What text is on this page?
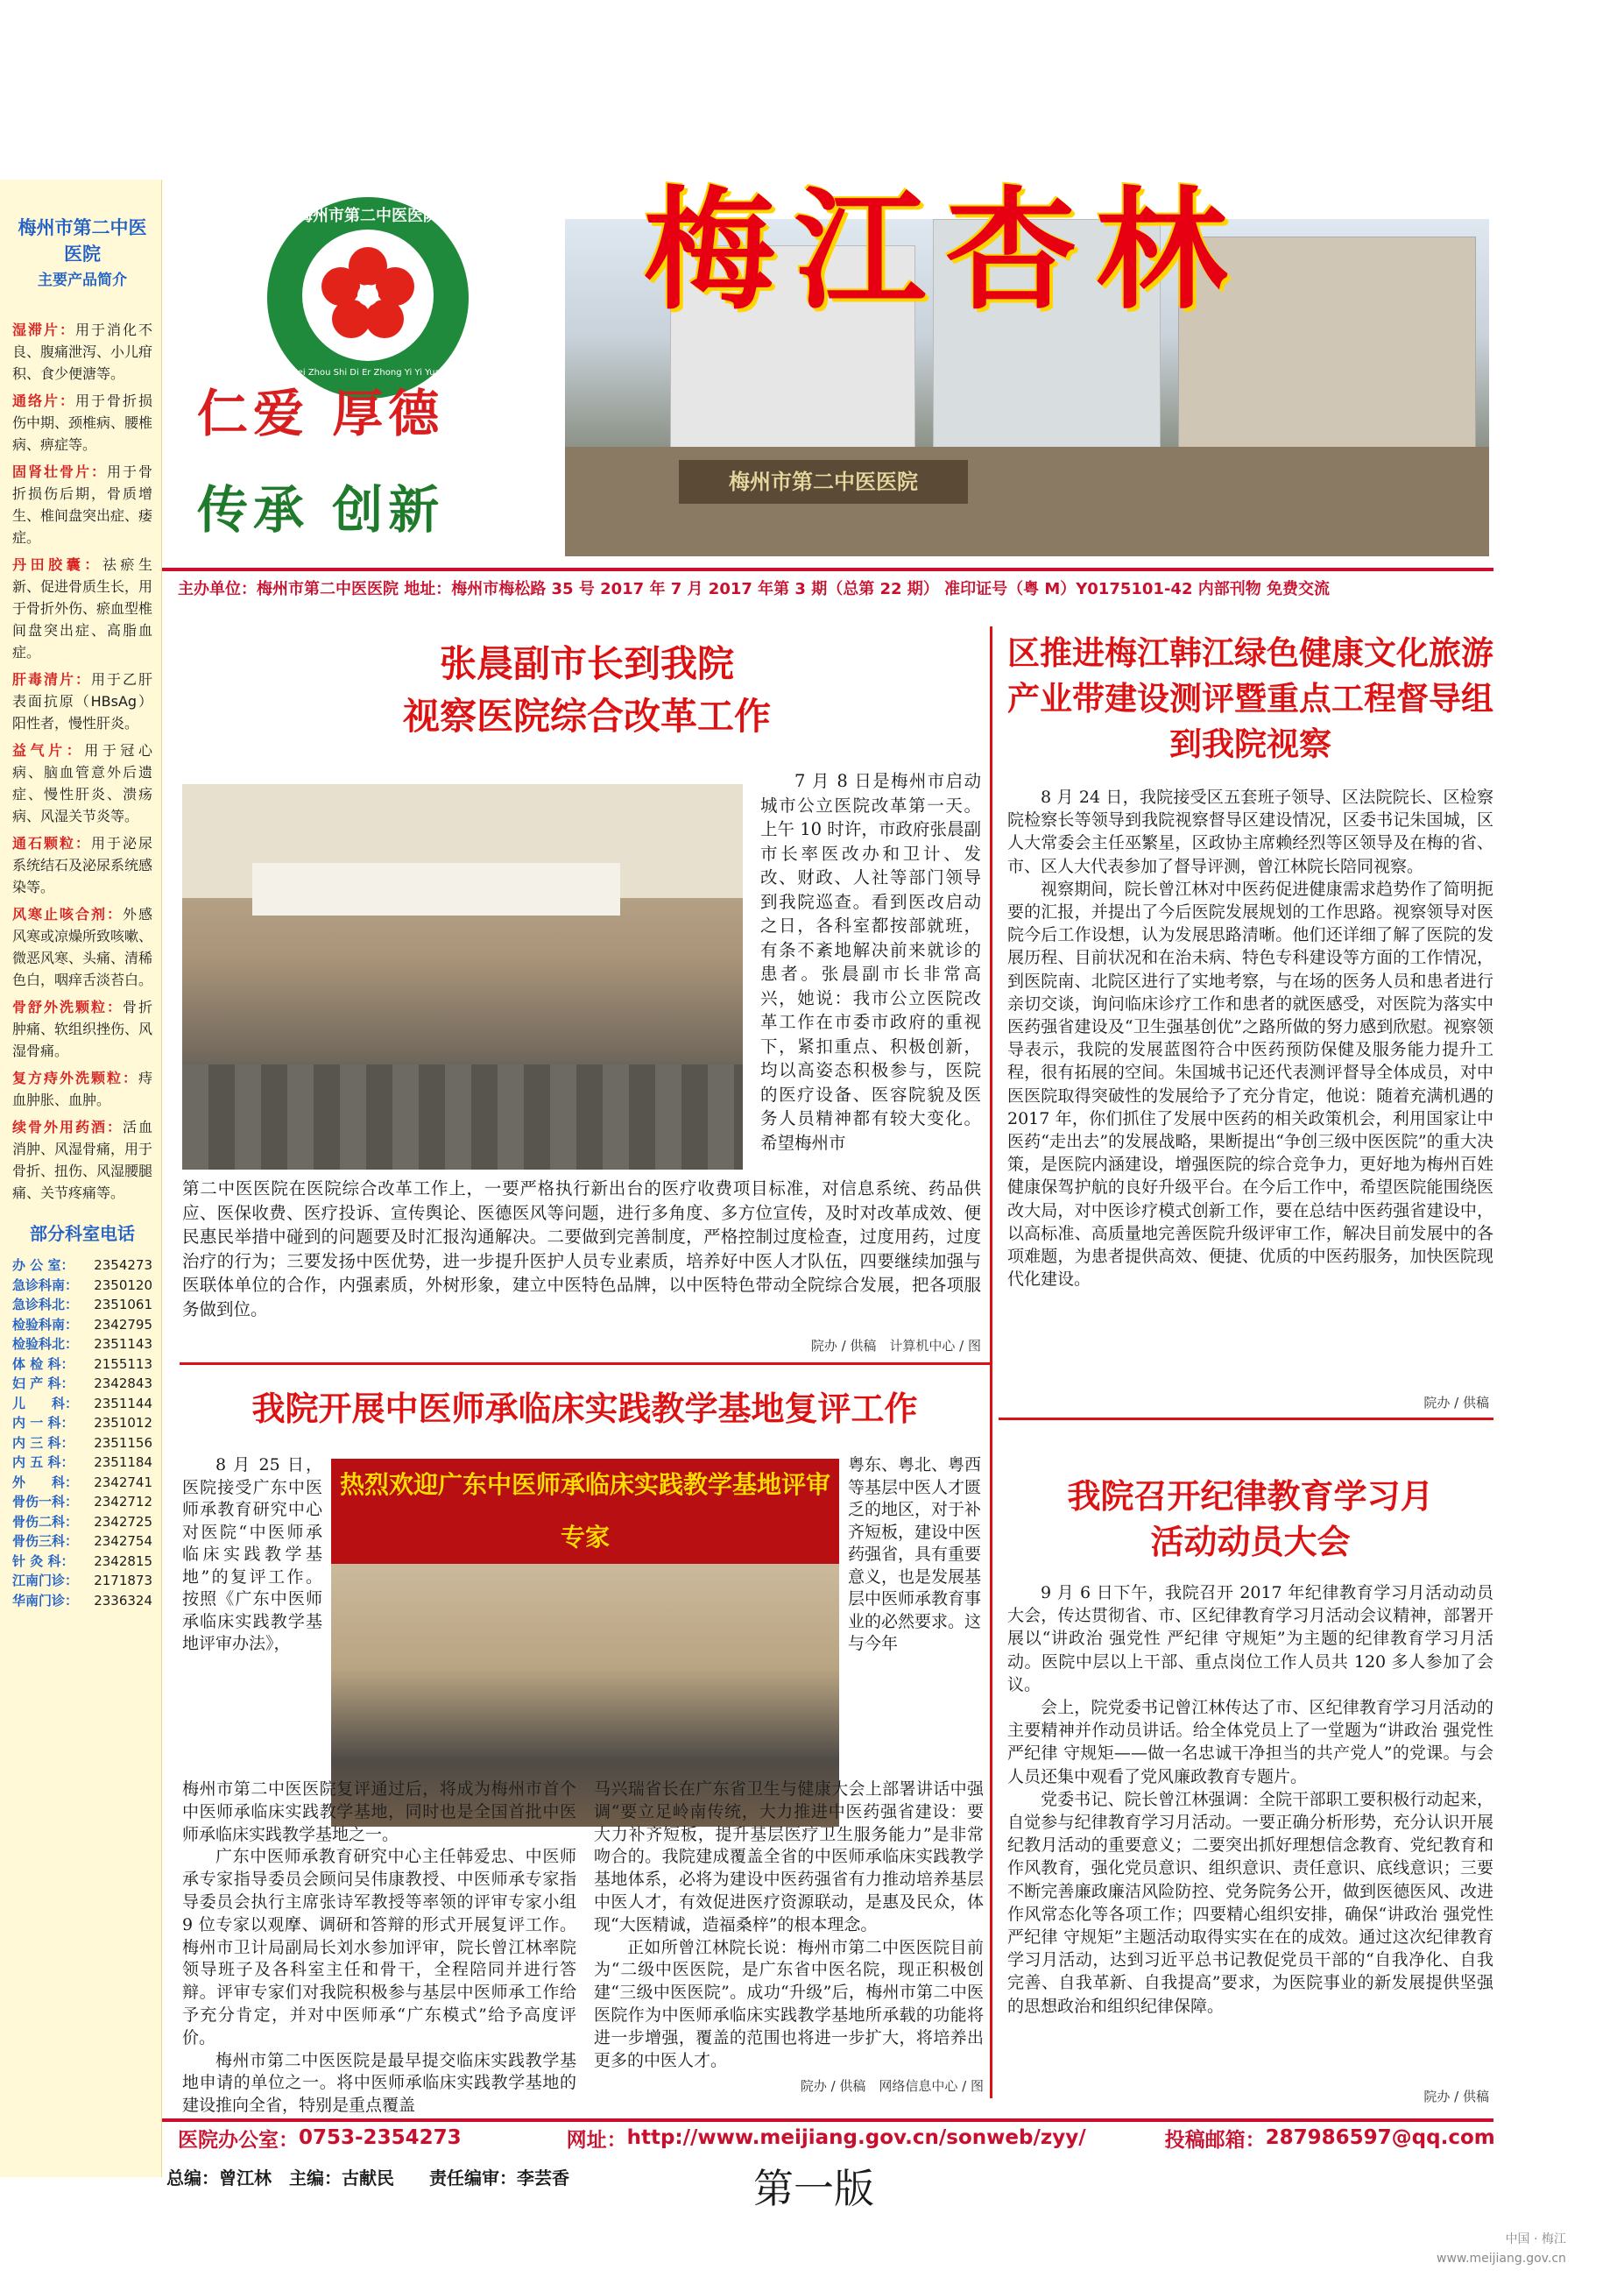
梅州市第二中医医院
主要产品简介
湿滞片：用于消化不良、腹痛泄泻、小儿疳积、食少便溏等。
通络片：用于骨折损伤中期、颈椎病、腰椎病、痹症等。
固肾壮骨片：用于骨折损伤后期，骨质增生、椎间盘突出症、痿症。
丹田胶囊：祛瘀生新、促进骨质生长，用于骨折外伤、瘀血型椎间盘突出症、高脂血症。
肝毒清片：用于乙肝表面抗原（HBsAg）阳性者，慢性肝炎。
益气片：用于冠心病、脑血管意外后遗症、慢性肝炎、溃疡病、风湿关节炎等。
通石颗粒：用于泌尿系统结石及泌尿系统感染等。
风寒止咳合剂：外感风寒或凉燥所致咳嗽、微恶风寒、头痛、清稀色白，咽痒舌淡苔白。
骨舒外洗颗粒：骨折肿痛、软组织挫伤、风湿骨痛。
复方痔外洗颗粒：痔血肿胀、血肿。
续骨外用药酒：活血消肿、风湿骨痛，用于骨折、扭伤、风湿腰腿痛、关节疼痛等。
部分科室电话
办 公 室： 2354273
急诊科南： 2350120
急诊科北： 2351061
检验科南： 2342795
检验科北： 2351143
体 检 科： 2155113
妇 产 科： 2342843
儿　　科： 2351144
内 一 科： 2351012
内 三 科： 2351156
内 五 科： 2351184
外　　科： 2342741
骨伤一科： 2342712
骨伤二科： 2342725
骨伤三科： 2342754
针 灸 科： 2342815
江南门诊： 2171873
华南门诊： 2336324
梅州市第二中医医院
仁爱 厚德
传承 创新	梅州市第二中医医院
梅江杏林
主办单位：梅州市第二中医医院 地址：梅州市梅松路 35 号 2017 年 7 月 2017 年第 3 期（总第 22 期） 准印证号（粤 M）Y0175101-42 内部刊物 免费交流
张晨副市长到我院
视察医院综合改革工作

7 月 8 日是梅州市启动城市公立医院改革第一天。上午 10 时许，市政府张晨副市长率医改办和卫计、发改、财政、人社等部门领导到我院巡查。看到医改启动之日，各科室都按部就班，有条不紊地解决前来就诊的患者。张晨副市长非常高兴，她说：我市公立医院改革工作在市委市政府的重视下，紧扣重点、积极创新，均以高姿态积极参与，医院的医疗设备、医容院貌及医务人员精神都有较大变化。希望梅州市

第二中医医院在医院综合改革工作上，一要严格执行新出台的医疗收费项目标准，对信息系统、药品供应、医保收费、医疗投诉、宣传舆论、医德医风等问题，进行多角度、多方位宣传，及时对改革成效、便民惠民举措中碰到的问题要及时汇报沟通解决。二要做到完善制度，严格控制过度检查，过度用药，过度治疗的行为；三要发扬中医优势，进一步提升医护人员专业素质，培养好中医人才队伍，四要继续加强与医联体单位的合作，内强素质，外树形象，建立中医特色品牌，以中医特色带动全院综合发展，把各项服务做到位。

院办 / 供稿　计算机中心 / 图
区推进梅江韩江绿色健康文化旅游产业带建设测评暨重点工程督导组到我院视察

8 月 24 日，我院接受区五套班子领导、区法院院长、区检察院检察长等领导到我院视察督导区建设情况，区委书记朱国城，区人大常委会主任巫繁星，区政协主席赖经烈等区领导及在梅的省、市、区人大代表参加了督导评测，曾江林院长陪同视察。

视察期间，院长曾江林对中医药促进健康需求趋势作了简明扼要的汇报，并提出了今后医院发展规划的工作思路。视察领导对医院今后工作设想，认为发展思路清晰。他们还详细了解了医院的发展历程、目前状况和在治未病、特色专科建设等方面的工作情况，到医院南、北院区进行了实地考察，与在场的医务人员和患者进行亲切交谈，询问临床诊疗工作和患者的就医感受，对医院为落实中医药强省建设及“卫生强基创优”之路所做的努力感到欣慰。视察领导表示，我院的发展蓝图符合中医药预防保健及服务能力提升工程，很有拓展的空间。朱国城书记还代表测评督导全体成员，对中医医院取得突破性的发展给予了充分肯定，他说：随着充满机遇的 2017 年，你们抓住了发展中医药的相关政策机会，利用国家让中医药“走出去”的发展战略，果断提出“争创三级中医医院”的重大决策，是医院内涵建设，增强医院的综合竞争力，更好地为梅州百姓健康保驾护航的良好升级平台。在今后工作中，希望医院能围绕医改大局，对中医诊疗模式创新工作，要在总结中医药强省建设中，以高标准、高质量地完善医院升级评审工作，解决目前发展中的各项难题，为患者提供高效、便捷、优质的中医药服务，加快医院现代化建设。

院办 / 供稿
我院开展中医师承临床实践教学基地复评工作

8 月 25 日，医院接受广东中医师承教育研究中心对医院“中医师承临床实践教学基地”的复评工作。按照《广东中医师承临床实践教学基地评审办法》，

热烈欢迎广东中医师承临床实践教学基地评审专家

粤东、粤北、粤西等基层中医人才匮乏的地区，对于补齐短板，建设中医药强省，具有重要意义，也是发展基层中医师承教育事业的必然要求。这与今年

梅州市第二中医医院复评通过后，将成为梅州市首个中医师承临床实践教学基地，同时也是全国首批中医师承临床实践教学基地之一。

广东中医师承教育研究中心主任韩爱忠、中医师承专家指导委员会顾问吴伟康教授、中医师承专家指导委员会执行主席张诗军教授等率领的评审专家小组 9 位专家以观摩、调研和答辩的形式开展复评工作。梅州市卫计局副局长刘水参加评审，院长曾江林率院领导班子及各科室主任和骨干，全程陪同并进行答辩。评审专家们对我院积极参与基层中医师承工作给予充分肯定，并对中医师承“广东模式”给予高度评价。

梅州市第二中医医院是最早提交临床实践教学基地申请的单位之一。将中医师承临床实践教学基地的建设推向全省，特别是重点覆盖

马兴瑞省长在广东省卫生与健康大会上部署讲话中强调“要立足岭南传统，大力推进中医药强省建设：要大力补齐短板，提升基层医疗卫生服务能力”是非常吻合的。我院建成覆盖全省的中医师承临床实践教学基地体系，必将为建设中医药强省有力推动培养基层中医人才，有效促进医疗资源联动，是惠及民众，体现“大医精诚，造福桑梓”的根本理念。

正如所曾江林院长说：梅州市第二中医医院目前为“二级中医医院，是广东省中医名院，现正积极创建“三级中医医院”。成功“升级”后，梅州市第二中医医院作为中医师承临床实践教学基地所承载的功能将进一步增强，覆盖的范围也将进一步扩大，将培养出更多的中医人才。

院办 / 供稿　网络信息中心 / 图
我院召开纪律教育学习月
活动动员大会

9 月 6 日下午，我院召开 2017 年纪律教育学习月活动动员大会，传达贯彻省、市、区纪律教育学习月活动会议精神，部署开展以“讲政治 强党性 严纪律 守规矩”为主题的纪律教育学习月活动。医院中层以上干部、重点岗位工作人员共 120 多人参加了会议。

会上，院党委书记曾江林传达了市、区纪律教育学习月活动的主要精神并作动员讲话。给全体党员上了一堂题为“讲政治 强党性 严纪律 守规矩——做一名忠诚干净担当的共产党人”的党课。与会人员还集中观看了党风廉政教育专题片。

党委书记、院长曾江林强调：全院干部职工要积极行动起来，自觉参与纪律教育学习月活动。一要正确分析形势，充分认识开展纪教月活动的重要意义；二要突出抓好理想信念教育、党纪教育和作风教育，强化党员意识、组织意识、责任意识、底线意识；三要不断完善廉政廉洁风险防控、党务院务公开，做到医德医风、改进作风常态化等各项工作；四要精心组织安排，确保“讲政治 强党性 严纪律 守规矩”主题活动取得实实在在的成效。通过这次纪律教育学习月活动，达到习近平总书记教促党员干部的“自我净化、自我完善、自我革新、自我提高”要求，为医院事业的新发展提供坚强的思想政治和组织纪律保障。

院办 / 供稿
医院办公室： 0753-2354273	网址： http://www.meijiang.gov.cn/sonweb/zyy/	投稿邮箱： 287986597@qq.com
总编：曾江林　主编：古献民　　责任编审：李芸香	第一版
中国 · 梅江
www.meijiang.gov.cn
Mei Zhou Shi Di Er Zhong Yi Yi Yuan
